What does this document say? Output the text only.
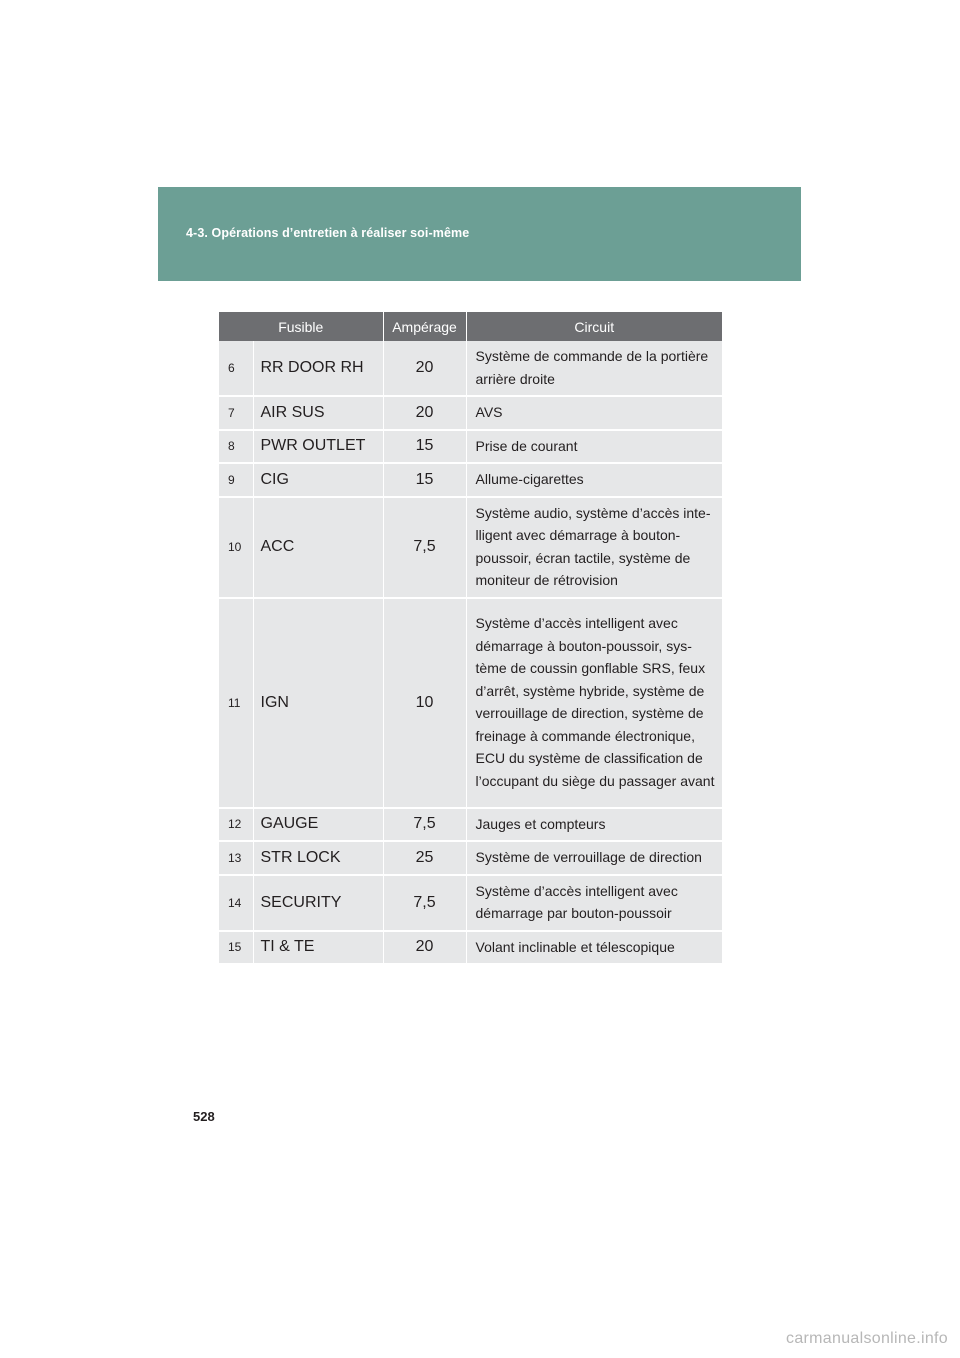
4-3. Opérations d’entretien à réaliser soi-même
Fusible		Ampérage	Circuit
6	RR DOOR RH	20	Système de commande de la portière arrière droite
7	AIR SUS	20	AVS
8	PWR OUTLET	15	Prise de courant
9	CIG	15	Allume-cigarettes
10	ACC	7,5	Système audio, système d’accès inte-lligent avec démarrage à bouton-poussoir, écran tactile, système de moniteur de rétrovision
11	IGN	10	Système d’accès intelligent avec démarrage à bouton-poussoir, sys-tème de coussin gonflable SRS, feux d’arrêt, système hybride, système de verrouillage de direction, système de freinage à commande électronique, ECU du système de classification de l’occupant du siège du passager avant
12	GAUGE	7,5	Jauges et compteurs
13	STR LOCK	25	Système de verrouillage de direction
14	SECURITY	7,5	Système d’accès intelligent avec démarrage par bouton-poussoir
15	TI & TE	20	Volant inclinable et télescopique
528
carmanualsonline.info
